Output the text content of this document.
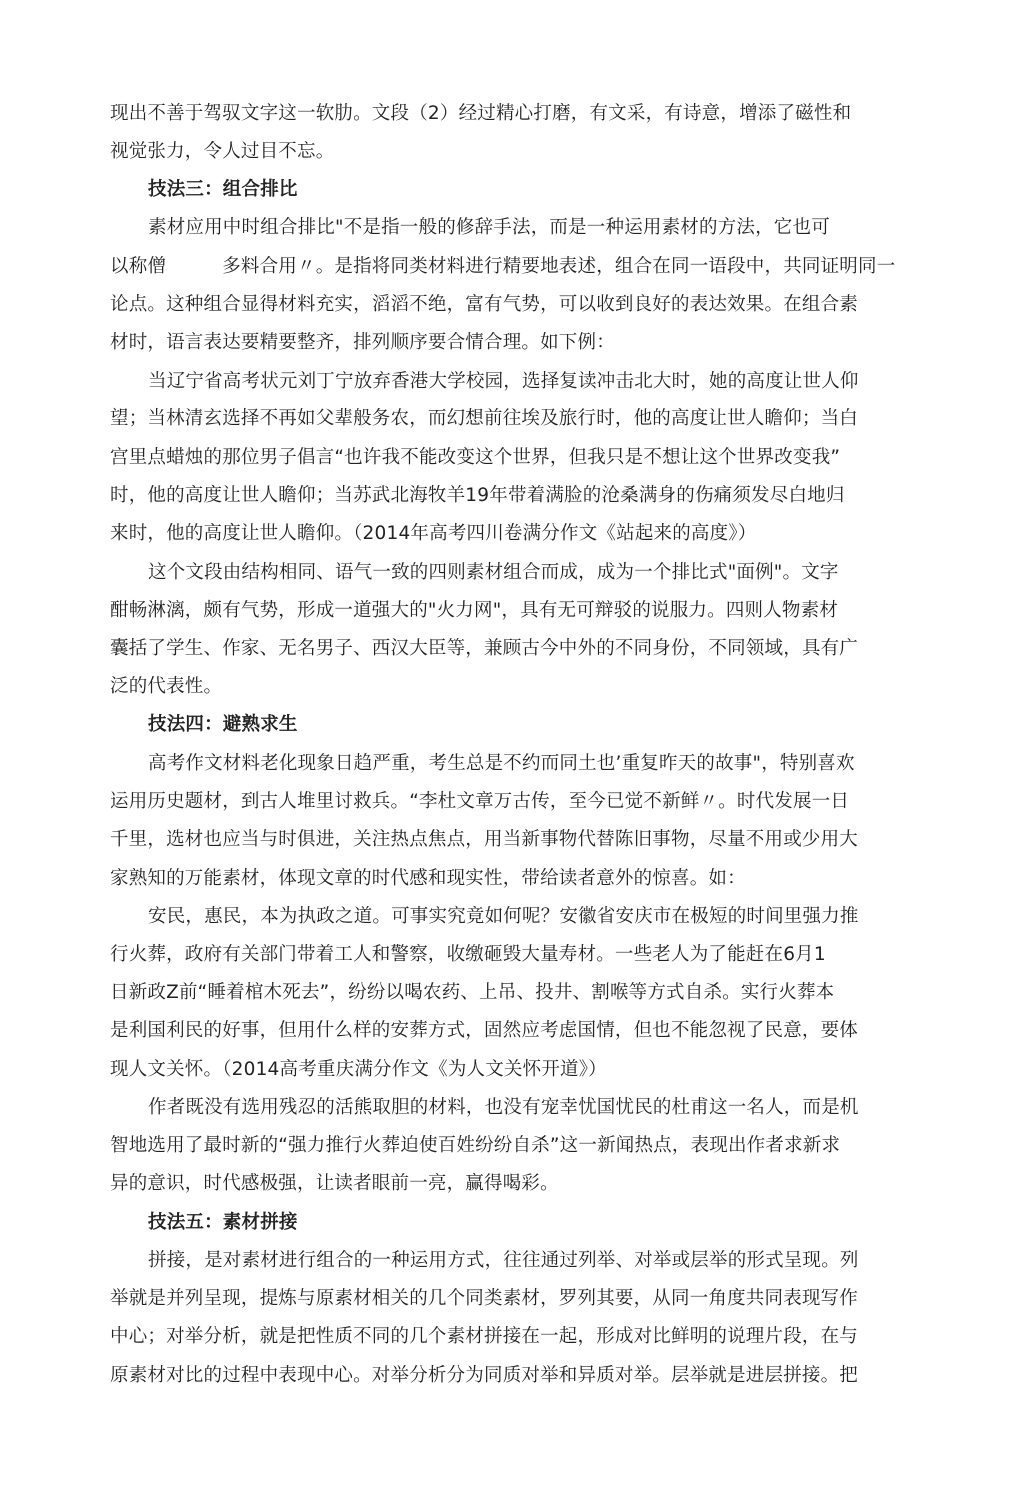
现出不善于驾驭文字这一软肋。文段（2）经过精心打磨，有文采，有诗意，增添了磁性和
视觉张力，令人过目不忘。
技法三：组合排比
素材应用中时组合排比"不是指一般的修辞手法，而是一种运用素材的方法，它也可
以称僧　　　多料合用〃。是指将同类材料进行精要地表述，组合在同一语段中，共同证明同一
论点。这种组合显得材料充实，滔滔不绝，富有气势，可以收到良好的表达效果。在组合素
材时，语言表达要精要整齐，排列顺序要合情合理。如下例：
当辽宁省高考状元刘丁宁放弃香港大学校园，选择复读冲击北大时，她的高度让世人仰
望；当林清玄选择不再如父辈般务农，而幻想前往埃及旅行时，他的高度让世人瞻仰；当白
宫里点蜡烛的那位男子倡言“也许我不能改变这个世界，但我只是不想让这个世界改变我”
时，他的高度让世人瞻仰；当苏武北海牧羊19年带着满脸的沧桑满身的伤痛须发尽白地归
来时，他的高度让世人瞻仰。（2014年高考四川卷满分作文《站起来的高度》）
这个文段由结构相同、语气一致的四则素材组合而成，成为一个排比式"面例"。文字
酣畅淋漓，颇有气势，形成一道强大的"火力网"，具有无可辩驳的说服力。四则人物素材
囊括了学生、作家、无名男子、西汉大臣等，兼顾古今中外的不同身份，不同领域，具有广
泛的代表性。
技法四：避熟求生
高考作文材料老化现象日趋严重，考生总是不约而同土也’重复昨天的故事"，特别喜欢
运用历史题材，到古人堆里讨救兵。“李杜文章万古传，至今已觉不新鲜〃。时代发展一日
千里，选材也应当与时俱进，关注热点焦点，用当新事物代替陈旧事物，尽量不用或少用大
家熟知的万能素材，体现文章的时代感和现实性，带给读者意外的惊喜。如：
安民，惠民，本为执政之道。可事实究竟如何呢？安徽省安庆市在极短的时间里强力推
行火葬，政府有关部门带着工人和警察，收缴砸毁大量寿材。一些老人为了能赶在6月1
日新政Z前“睡着棺木死去”，纷纷以喝农药、上吊、投井、割喉等方式自杀。实行火葬本
是利国利民的好事，但用什么样的安葬方式，固然应考虑国情，但也不能忽视了民意，要体
现人文关怀。（2014高考重庆满分作文《为人文关怀开道》）
作者既没有选用残忍的活熊取胆的材料，也没有宠幸忧国忧民的杜甫这一名人，而是机
智地选用了最时新的“强力推行火葬迫使百姓纷纷自杀”这一新闻热点，表现出作者求新求
异的意识，时代感极强，让读者眼前一亮，赢得喝彩。
技法五：素材拼接
拼接，是对素材进行组合的一种运用方式，往往通过列举、对举或层举的形式呈现。列
举就是并列呈现，提炼与原素材相关的几个同类素材，罗列其要，从同一角度共同表现写作
中心；对举分析，就是把性质不同的几个素材拼接在一起，形成对比鲜明的说理片段，在与
原素材对比的过程中表现中心。对举分析分为同质对举和异质对举。层举就是进层拼接。把
